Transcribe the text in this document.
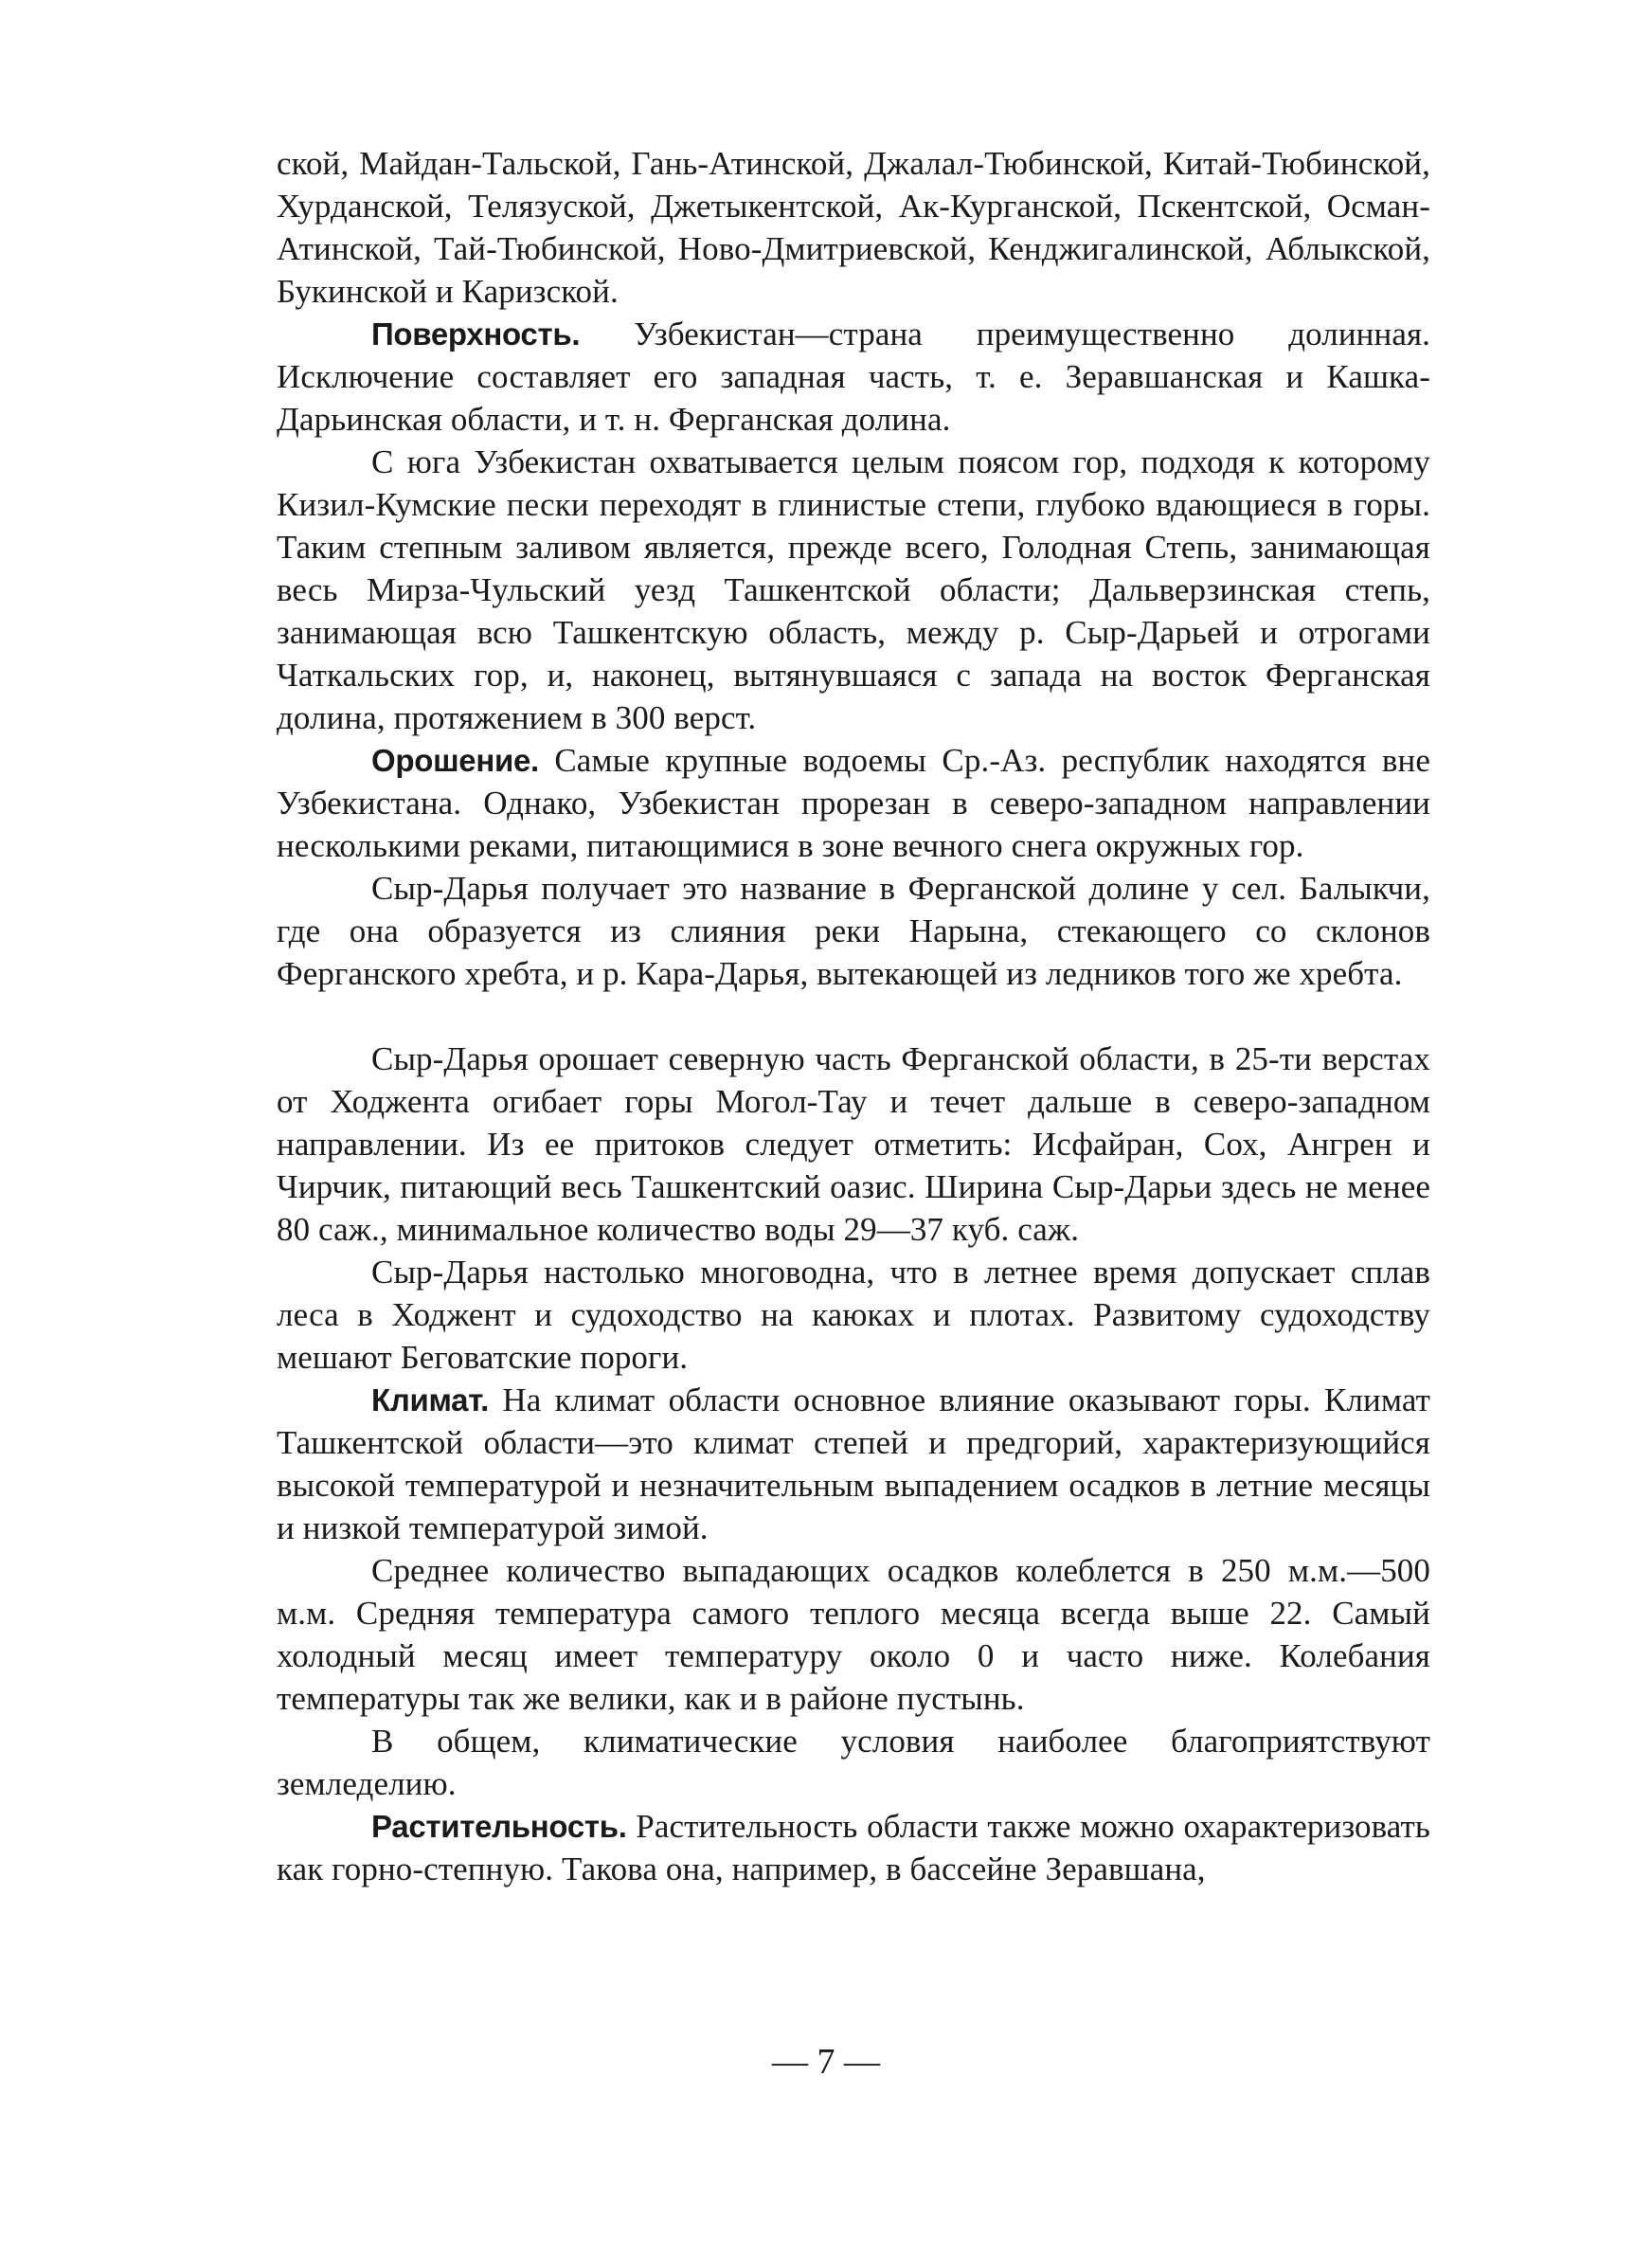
ской, Майдан-Тальской, Гань-Атинской, Джалал-Тюбинской, Китай-Тюбинской, Хурданской, Телязуской, Джетыкентской, Ак-Курганской, Пскентской, Осман-Атинской, Тай-Тюбинской, Ново-Дмитриевской, Кенджигалинской, Аблыкской, Букинской и Каризской.

Поверхность. Узбекистан—страна преимущественно долинная. Исключение составляет его западная часть, т. е. Зеравшанская и Кашка-Дарьинская области, и т. н. Ферганская долина.

С юга Узбекистан охватывается целым поясом гор, подходя к которому Кизил-Кумские пески переходят в глинистые степи, глубоко вдающиеся в горы. Таким степным заливом является, прежде всего, Голодная Степь, занимающая весь Мирза-Чульский уезд Ташкентской области; Дальверзинская степь, занимающая всю Ташкентскую область, между р. Сыр-Дарьей и отрогами Чаткальских гор, и, наконец, вытянувшаяся с запада на восток Ферганская долина, протяжением в 300 верст.

Орошение. Самые крупные водоемы Ср.-Аз. республик находятся вне Узбекистана. Однако, Узбекистан прорезан в северо-западном направлении несколькими реками, питающимися в зоне вечного снега окружных гор.

Сыр-Дарья получает это название в Ферганской долине у сел. Балыкчи, где она образуется из слияния реки Нарына, стекающего со склонов Ферганского хребта, и р. Кара-Дарья, вытекающей из ледников того же хребта.

Сыр-Дарья орошает северную часть Ферганской области, в 25-ти верстах от Ходжента огибает горы Могол-Тау и течет дальше в северо-западном направлении. Из ее притоков следует отметить: Исфайран, Сох, Ангрен и Чирчик, питающий весь Ташкентский оазис. Ширина Сыр-Дарьи здесь не менее 80 саж., минимальное количество воды 29—37 куб. саж.

Сыр-Дарья настолько многоводна, что в летнее время допускает сплав леса в Ходжент и судоходство на каюках и плотах. Развитому судоходству мешают Беговатские пороги.

Климат. На климат области основное влияние оказывают горы. Климат Ташкентской области—это климат степей и предгорий, характеризующийся высокой температурой и незначительным выпадением осадков в летние месяцы и низкой температурой зимой.

Среднее количество выпадающих осадков колеблется в 250 м.м.—500 м.м. Средняя температура самого теплого месяца всегда выше 22. Самый холодный месяц имеет температуру около 0 и часто ниже. Колебания температуры так же велики, как и в районе пустынь.

В общем, климатические условия наиболее благоприятствуют земледелию.

Растительность. Растительность области также можно охарактеризовать как горно-степную. Такова она, например, в бассейне Зеравшана,

— 7 —
